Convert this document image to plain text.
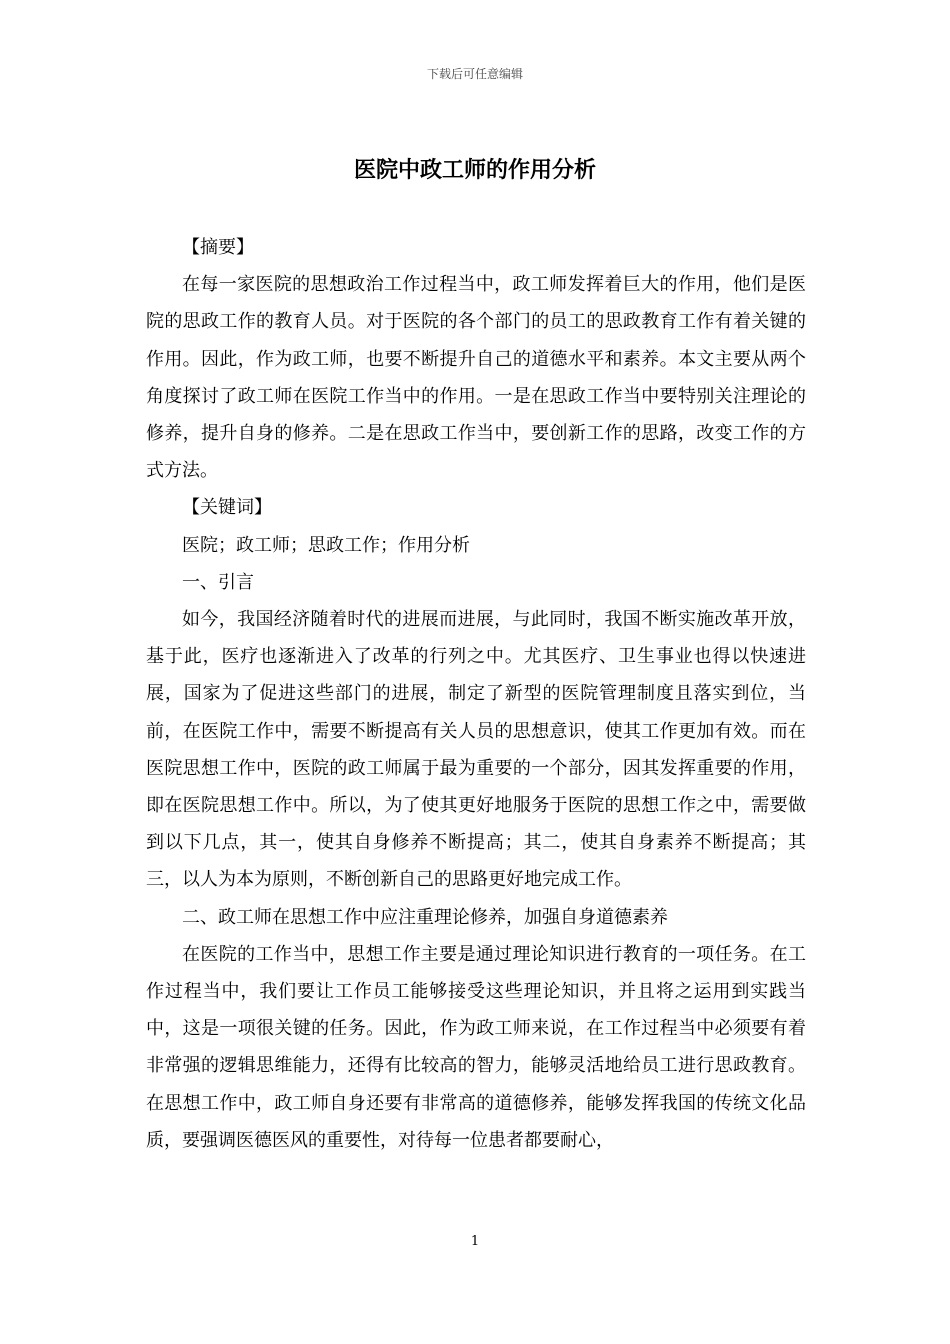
下载后可任意编辑
医院中政工师的作用分析

【摘要】

在每一家医院的思想政治工作过程当中，政工师发挥着巨大的作用，他们是医院的思政工作的教育人员。对于医院的各个部门的员工的思政教育工作有着关键的作用。因此，作为政工师，也要不断提升自己的道德水平和素养。本文主要从两个角度探讨了政工师在医院工作当中的作用。一是在思政工作当中要特别关注理论的修养，提升自身的修养。二是在思政工作当中，要创新工作的思路，改变工作的方式方法。

【关键词】

医院；政工师；思政工作；作用分析

一、引言

如今，我国经济随着时代的进展而进展，与此同时，我国不断实施改革开放，基于此，医疗也逐渐进入了改革的行列之中。尤其医疗、卫生事业也得以快速进展，国家为了促进这些部门的进展，制定了新型的医院管理制度且落实到位，当前，在医院工作中，需要不断提高有关人员的思想意识，使其工作更加有效。而在医院思想工作中，医院的政工师属于最为重要的一个部分，因其发挥重要的作用，即在医院思想工作中。所以，为了使其更好地服务于医院的思想工作之中，需要做到以下几点，其一，使其自身修养不断提高；其二，使其自身素养不断提高；其三，以人为本为原则，不断创新自己的思路更好地完成工作。

二、政工师在思想工作中应注重理论修养，加强自身道德素养

在医院的工作当中，思想工作主要是通过理论知识进行教育的一项任务。在工作过程当中，我们要让工作员工能够接受这些理论知识，并且将之运用到实践当中，这是一项很关键的任务。因此，作为政工师来说，在工作过程当中必须要有着非常强的逻辑思维能力，还得有比较高的智力，能够灵活地给员工进行思政教育。在思想工作中，政工师自身还要有非常高的道德修养，能够发挥我国的传统文化品质，要强调医德医风的重要性，对待每一位患者都要耐心，

1
